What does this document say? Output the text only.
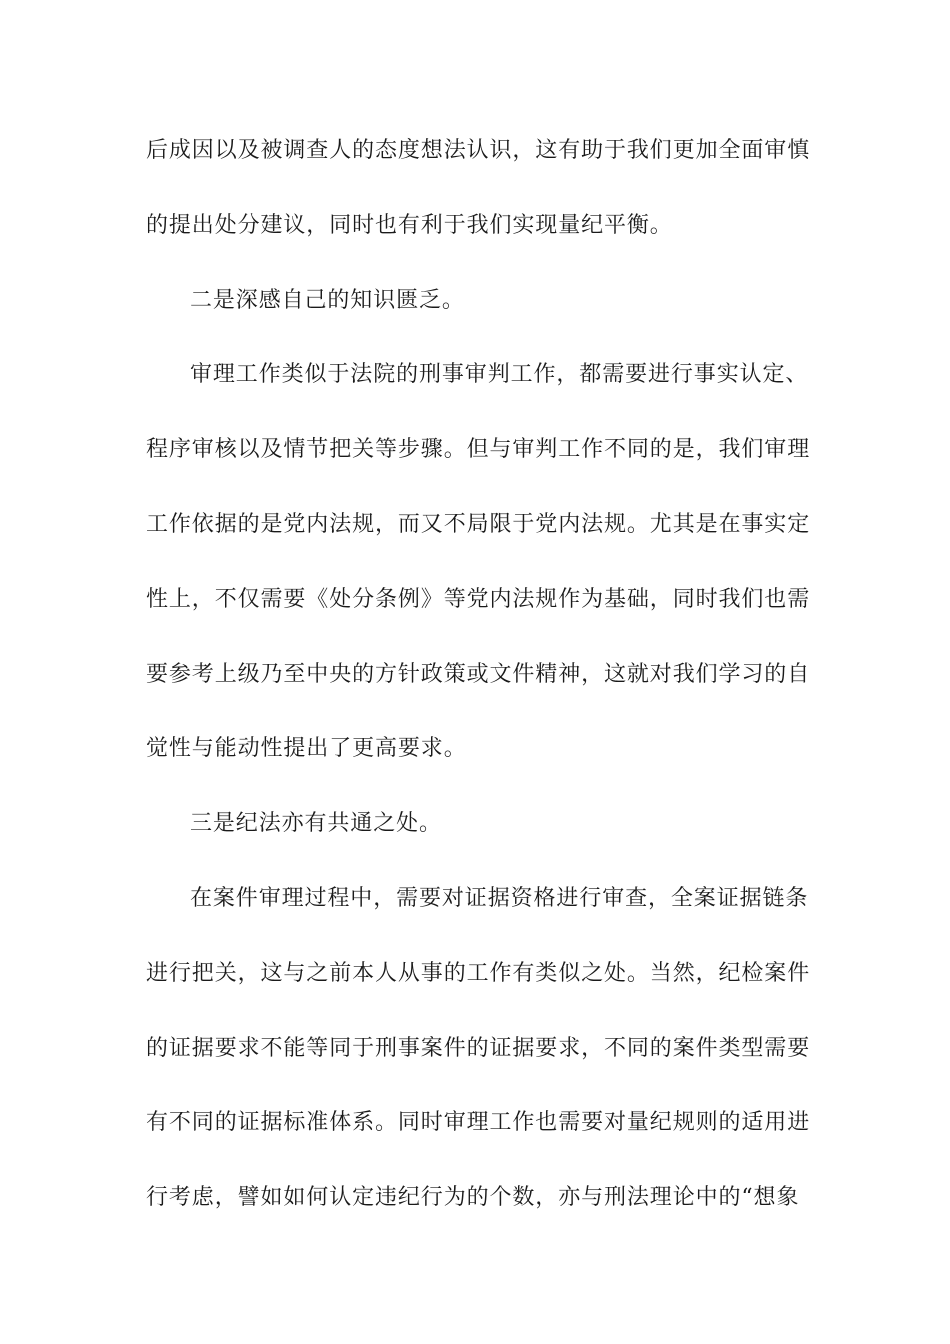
后成因以及被调查人的态度想法认识，这有助于我们更加全面审慎
的提出处分建议，同时也有利于我们实现量纪平衡。
二是深感自己的知识匮乏。
审理工作类似于法院的刑事审判工作，都需要进行事实认定、
程序审核以及情节把关等步骤。但与审判工作不同的是，我们审理
工作依据的是党内法规，而又不局限于党内法规。尤其是在事实定
性上，不仅需要《处分条例》等党内法规作为基础，同时我们也需
要参考上级乃至中央的方针政策或文件精神，这就对我们学习的自
觉性与能动性提出了更高要求。
三是纪法亦有共通之处。
在案件审理过程中，需要对证据资格进行审查，全案证据链条
进行把关，这与之前本人从事的工作有类似之处。当然，纪检案件
的证据要求不能等同于刑事案件的证据要求，不同的案件类型需要
有不同的证据标准体系。同时审理工作也需要对量纪规则的适用进
行考虑，譬如如何认定违纪行为的个数，亦与刑法理论中的“想象
